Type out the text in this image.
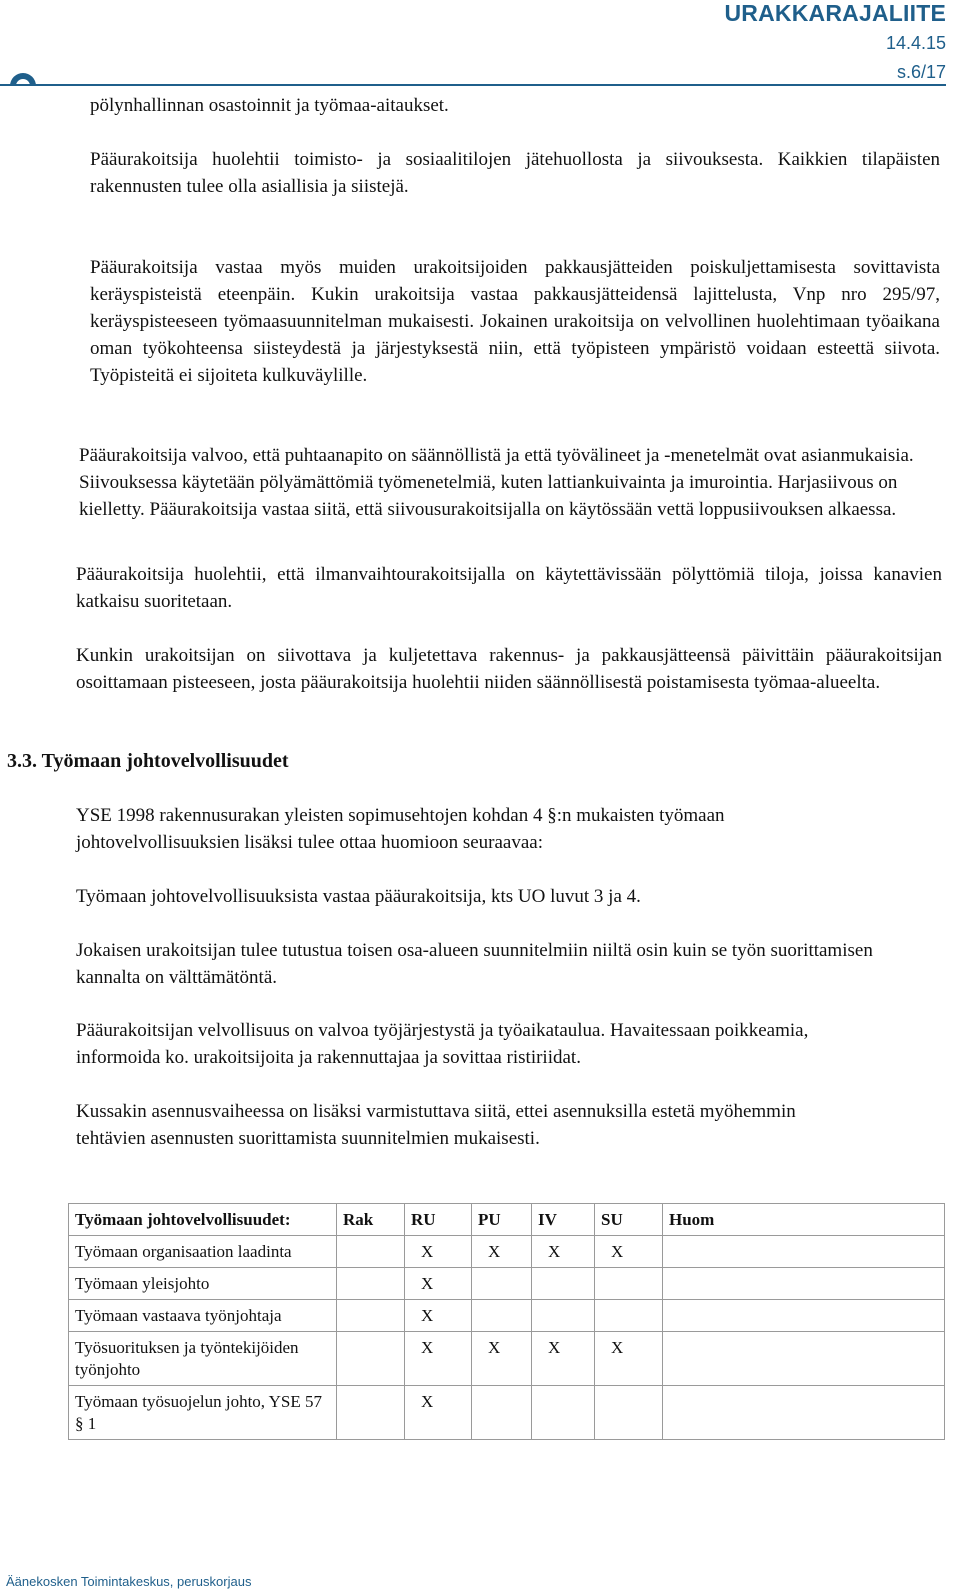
URAKKARAJALIITE
14.4.15
s.6/17

pölynhallinnan osastoinnit ja työmaa-aitaukset.

Pääurakoitsija huolehtii toimisto- ja sosiaalitilojen jätehuollosta ja siivouksesta. Kaikkien tilapäisten rakennusten tulee olla asiallisia ja siistejä.

Pääurakoitsija vastaa myös muiden urakoitsijoiden pakkausjätteiden poiskuljettamisesta sovittavista keräyspisteistä eteenpäin. Kukin urakoitsija vastaa pakkausjätteidensä lajittelusta, Vnp nro 295/97, keräyspisteeseen työmaasuunnitelman mukaisesti. Jokainen urakoitsija on velvollinen huolehtimaan työaikana oman työkohteensa siisteydestä ja järjestyksestä niin, että työpisteen ympäristö voidaan esteettä siivota. Työpisteitä ei sijoiteta kulkuväylille.

Pääurakoitsija valvoo, että puhtaanapito on säännöllistä ja että työvälineet ja -menetelmät ovat asianmukaisia. Siivouksessa käytetään pölyämättömiä työmenetelmiä, kuten lattiankuivainta ja imurointia. Harjasiivous on kielletty. Pääurakoitsija vastaa siitä, että siivousurakoitsijalla on käytössään vettä loppusiivouksen alkaessa.

Pääurakoitsija huolehtii, että ilmanvaihtourakoitsijalla on käytettävissään pölyttömiä tiloja, joissa kanavien katkaisu suoritetaan.

Kunkin urakoitsijan on siivottava ja kuljetettava rakennus- ja pakkausjätteensä päivittäin pääurakoitsijan osoittamaan pisteeseen, josta pääurakoitsija huolehtii niiden säännöllisestä poistamisesta työmaa-alueelta.

3.3. Työmaan johtovelvollisuudet

YSE 1998 rakennusurakan yleisten sopimusehtojen kohdan 4 §:n mukaisten työmaan johtovelvollisuuksien lisäksi tulee ottaa huomioon seuraavaa:

Työmaan johtovelvollisuuksista vastaa pääurakoitsija, kts UO luvut 3 ja 4.

Jokaisen urakoitsijan tulee tutustua toisen osa-alueen suunnitelmiin niiltä osin kuin se työn suorittamisen kannalta on välttämätöntä.

Pääurakoitsijan velvollisuus on valvoa työjärjestystä ja työaikataulua. Havaitessaan poikkeamia, informoida ko. urakoitsijoita ja rakennuttajaa ja sovittaa ristiriidat.

Kussakin asennusvaiheessa on lisäksi varmistuttava siitä, ettei asennuksilla estetä myöhemmin tehtävien asennusten suorittamista suunnitelmien mukaisesti.

Työmaan johtovelvollisuudet:	Rak	RU	PU	IV	SU	Huom
Työmaan organisaation laadinta		X	X	X	X	
Työmaan yleisjohto		X				
Työmaan vastaava työnjohtaja		X				
Työsuorituksen ja työntekijöiden työnjohto		X	X	X	X	
Työmaan työsuojelun johto, YSE 57 § 1		X				
Äänekosken Toimintakeskus, peruskorjaus
